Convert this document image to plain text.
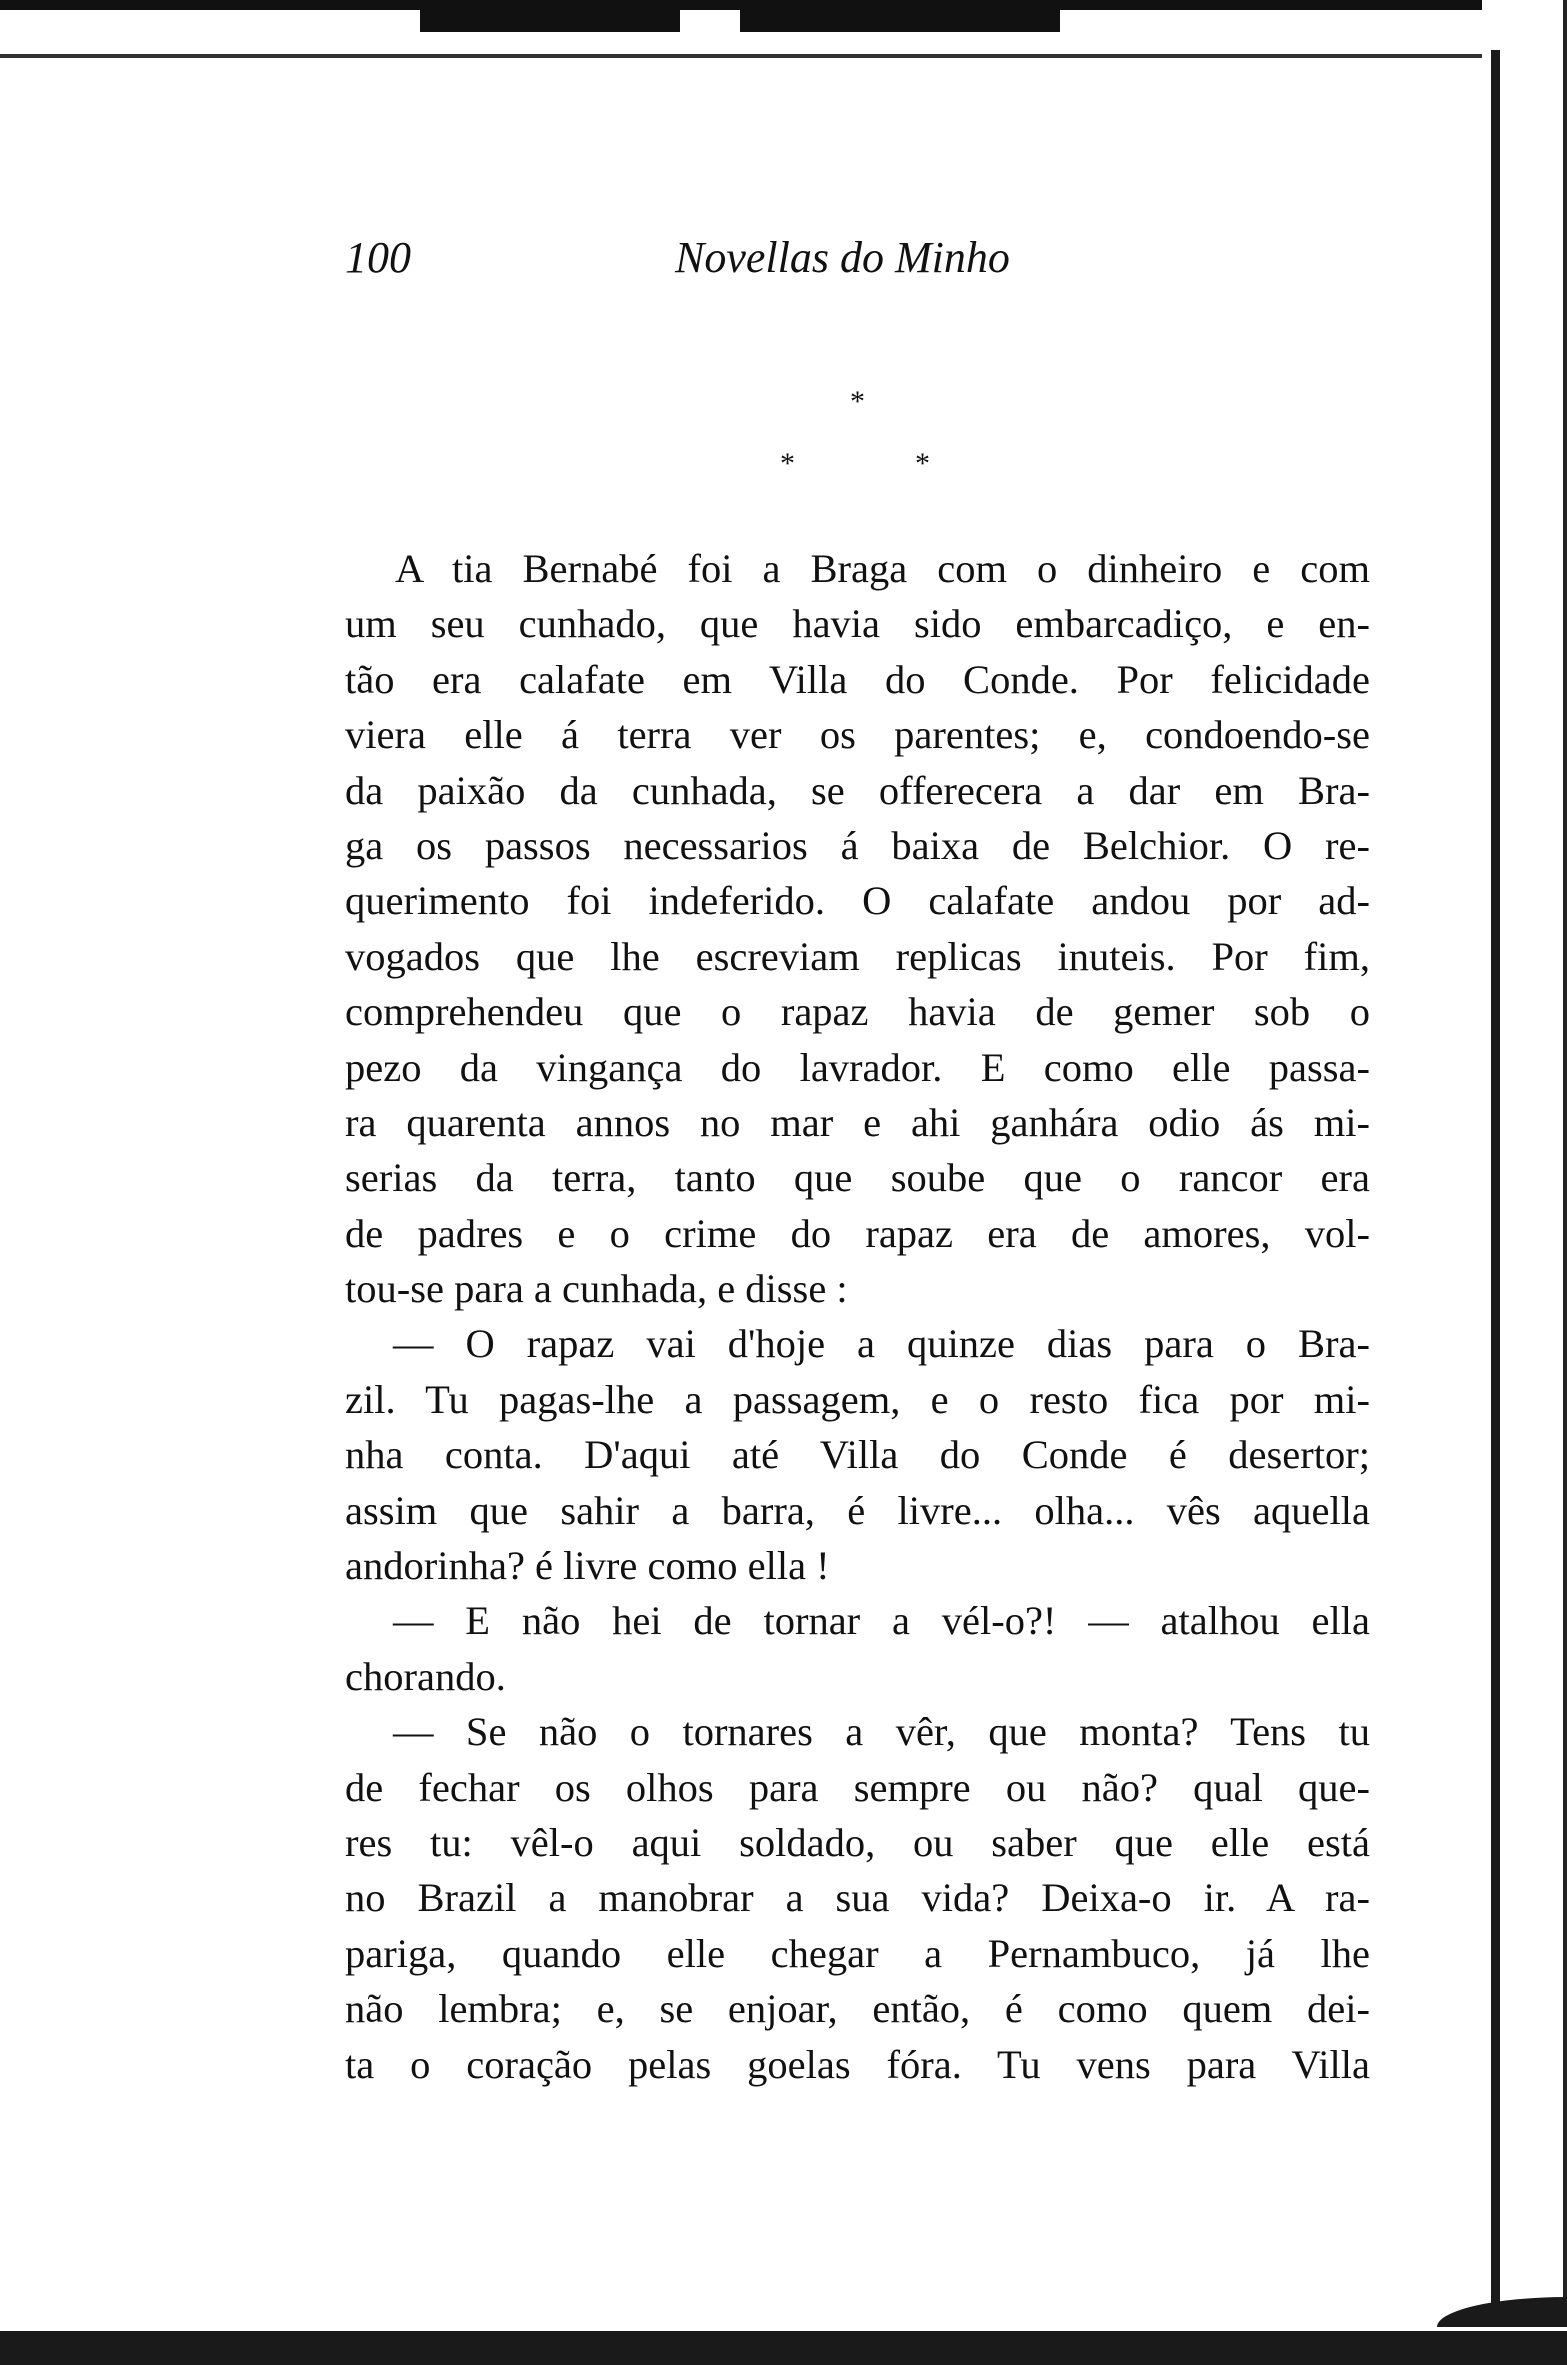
100	Novellas do Minho
*
*	*
A tia Bernabé foi a Braga com o dinheiro e com
um seu cunhado, que havia sido embarcadiço, e en-
tão era calafate em Villa do Conde. Por felicidade
viera elle á terra ver os parentes; e, condoendo-se
da paixão da cunhada, se offerecera a dar em Bra-
ga os passos necessarios á baixa de Belchior. O re-
querimento foi indeferido. O calafate andou por ad-
vogados que lhe escreviam replicas inuteis. Por fim,
comprehendeu que o rapaz havia de gemer sob o
pezo da vingança do lavrador. E como elle passa-
ra quarenta annos no mar e ahi ganhára odio ás mi-
serias da terra, tanto que soube que o rancor era
de padres e o crime do rapaz era de amores, vol-
tou-se para a cunhada, e disse :
— O rapaz vai d'hoje a quinze dias para o Bra-
zil. Tu pagas-lhe a passagem, e o resto fica por mi-
nha conta. D'aqui até Villa do Conde é desertor;
assim que sahir a barra, é livre... olha... vês aquella
andorinha? é livre como ella !
— E não hei de tornar a vél-o?! — atalhou ella
chorando.
— Se não o tornares a vêr, que monta? Tens tu
de fechar os olhos para sempre ou não? qual que-
res tu: vêl-o aqui soldado, ou saber que elle está
no Brazil a manobrar a sua vida? Deixa-o ir. A ra-
pariga, quando elle chegar a Pernambuco, já lhe
não lembra; e, se enjoar, então, é como quem dei-
ta o coração pelas goelas fóra. Tu vens para Villa
